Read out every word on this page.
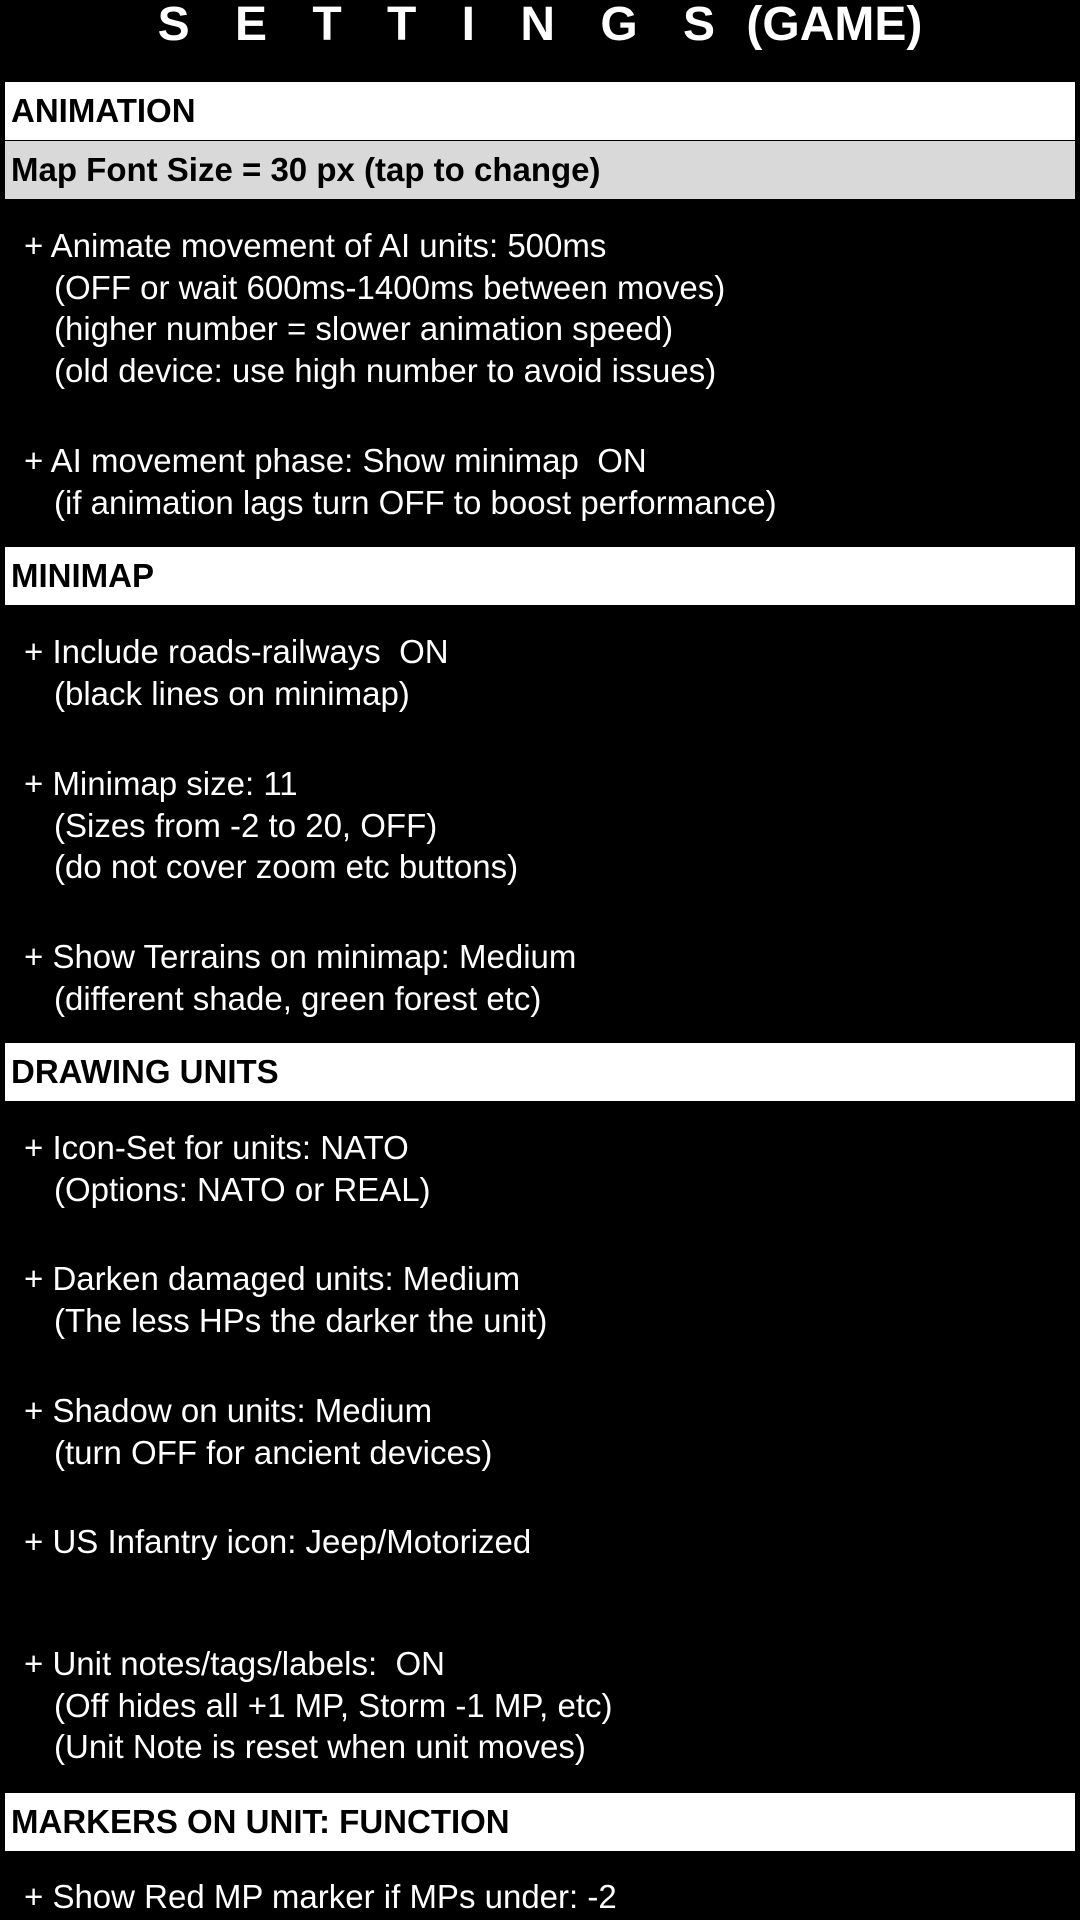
S E T T I N G S (GAME)
ANIMATION
Map Font Size = 30 px (tap to change)
+ Animate movement of AI units: 500ms
(OFF or wait 600ms-1400ms between moves)
(higher number = slower animation speed)
(old device: use high number to avoid issues)
+ AI movement phase: Show minimap  ON
(if animation lags turn OFF to boost performance)
MINIMAP
+ Include roads-railways  ON
(black lines on minimap)
+ Minimap size: 11
(Sizes from -2 to 20, OFF)
(do not cover zoom etc buttons)
+ Show Terrains on minimap: Medium
(different shade, green forest etc)
DRAWING UNITS
+ Icon-Set for units: NATO
(Options: NATO or REAL)
+ Darken damaged units: Medium
(The less HPs the darker the unit)
+ Shadow on units: Medium
(turn OFF for ancient devices)
+ US Infantry icon: Jeep/Motorized
+ Unit notes/tags/labels:  ON
(Off hides all +1 MP, Storm -1 MP, etc)
(Unit Note is reset when unit moves)
MARKERS ON UNIT: FUNCTION
+ Show Red MP marker if MPs under: -2
